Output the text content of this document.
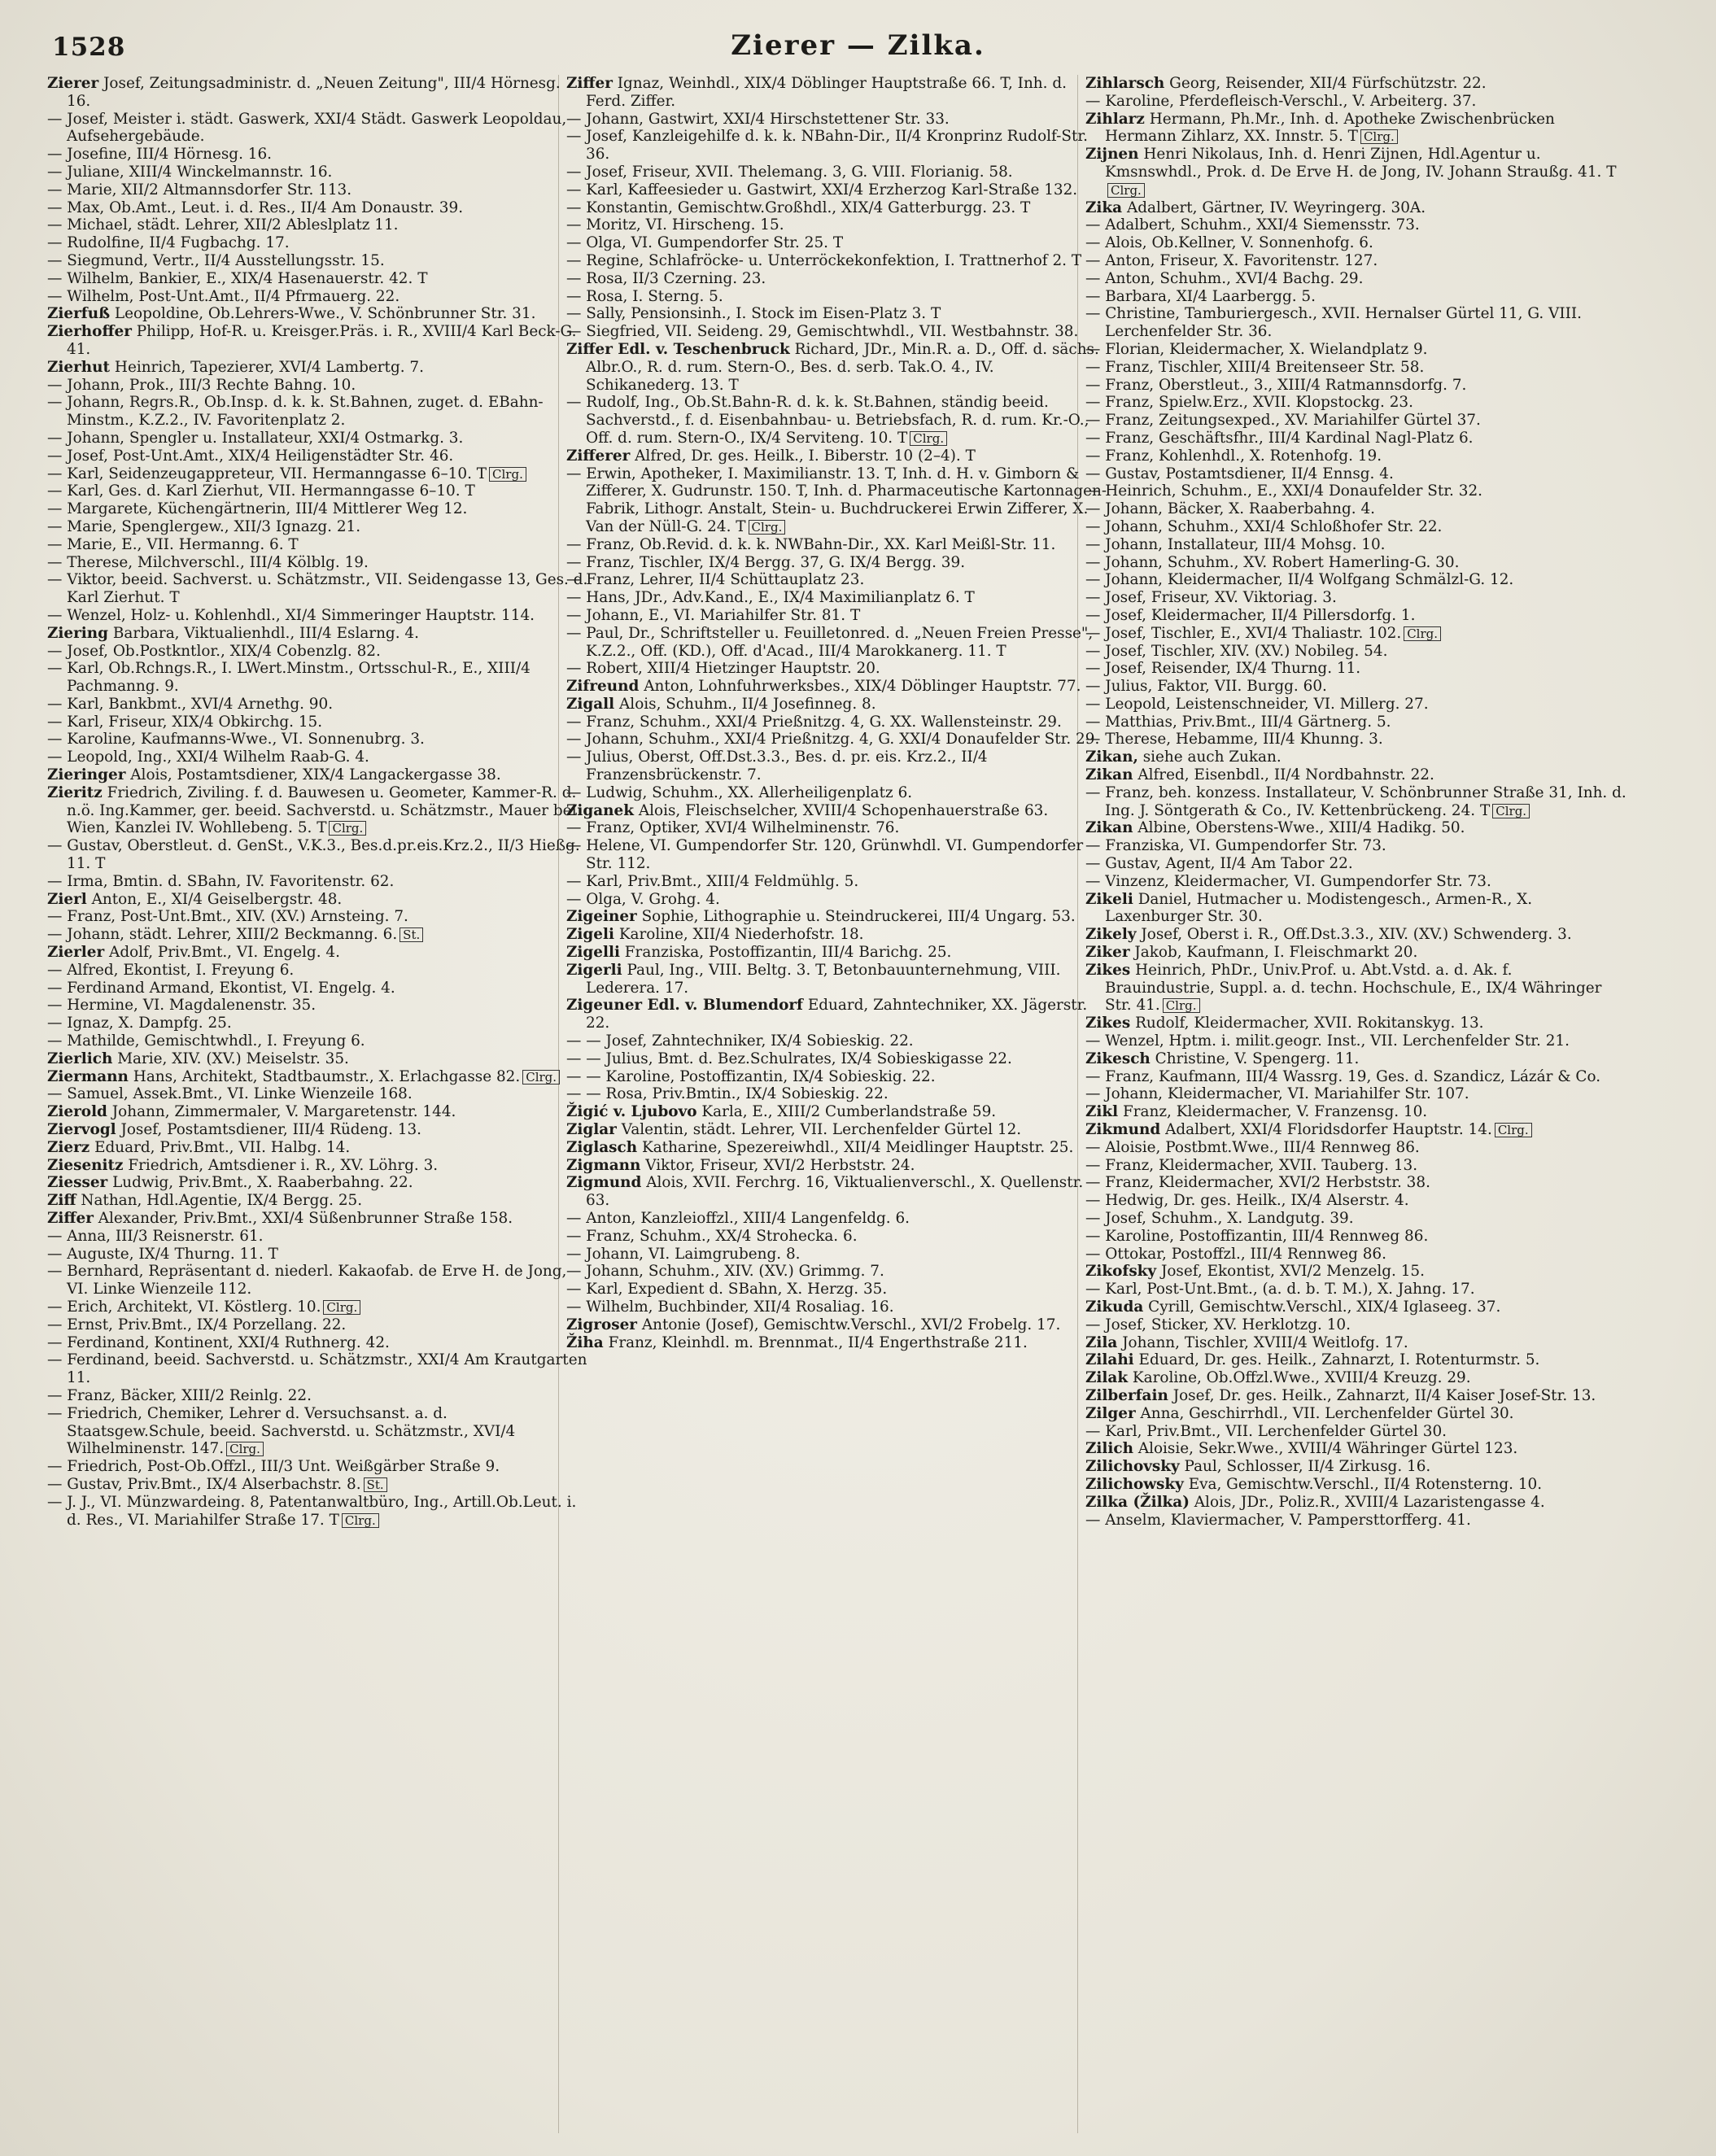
1528	Zierer — Zilka.
Zierer Josef, Zeitungsadministr. d. „Neuen Zeitung", III/4 Hörnesg. 16.
— Josef, Meister i. städt. Gaswerk, XXI/4 Städt. Gaswerk Leopoldau, Aufsehergebäude.
— Josefine, III/4 Hörnesg. 16.
— Juliane, XIII/4 Winckelmannstr. 16.
— Marie, XII/2 Altmannsdorfer Str. 113.
— Max, Ob.Amt., Leut. i. d. Res., II/4 Am Donaustr. 39.
— Michael, städt. Lehrer, XII/2 Ableslplatz 11.
— Rudolfine, II/4 Fugbachg. 17.
— Siegmund, Vertr., II/4 Ausstellungsstr. 15.
— Wilhelm, Bankier, E., XIX/4 Hasenauerstr. 42. T
— Wilhelm, Post-Unt.Amt., II/4 Pfrmauerg. 22.
Zierfuß Leopoldine, Ob.Lehrers-Wwe., V. Schönbrunner Str. 31.
Zierhoffer Philipp, Hof-R. u. Kreisger.Präs. i. R., XVIII/4 Karl Beck-G. 41.
Zierhut Heinrich, Tapezierer, XVI/4 Lambertg. 7.
— Johann, Prok., III/3 Rechte Bahng. 10.
— Johann, Regrs.R., Ob.Insp. d. k. k. St.Bahnen, zuget. d. EBahn-Minstm., K.Z.2., IV. Favoritenplatz 2.
— Johann, Spengler u. Installateur, XXI/4 Ostmarkg. 3.
— Josef, Post-Unt.Amt., XIX/4 Heiligenstädter Str. 46.
— Karl, Seidenzeugappreteur, VII. Hermanngasse 6–10. T Clrg.
— Karl, Ges. d. Karl Zierhut, VII. Hermanngasse 6–10. T
— Margarete, Küchengärtnerin, III/4 Mittlerer Weg 12.
— Marie, Spenglergew., XII/3 Ignazg. 21.
— Marie, E., VII. Hermanng. 6. T
— Therese, Milchverschl., III/4 Kölblg. 19.
— Viktor, beeid. Sachverst. u. Schätzmstr., VII. Seidengasse 13, Ges. d. Karl Zierhut. T
— Wenzel, Holz- u. Kohlenhdl., XI/4 Simmeringer Hauptstr. 114.
Ziering Barbara, Viktualienhdl., III/4 Eslarng. 4.
— Josef, Ob.Postkntlor., XIX/4 Cobenzlg. 82.
— Karl, Ob.Rchngs.R., I. LWert.Minstm., Ortsschul-R., E., XIII/4 Pachmanng. 9.
— Karl, Bankbmt., XVI/4 Arnethg. 90.
— Karl, Friseur, XIX/4 Obkirchg. 15.
— Karoline, Kaufmanns-Wwe., VI. Sonnenubrg. 3.
— Leopold, Ing., XXI/4 Wilhelm Raab-G. 4.
Zieringer Alois, Postamtsdiener, XIX/4 Langackergasse 38.
Zieritz Friedrich, Ziviling. f. d. Bauwesen u. Geometer, Kammer-R. d. n.ö. Ing.Kammer, ger. beeid. Sachverstd. u. Schätzmstr., Mauer bei Wien, Kanzlei IV. Wohllebeng. 5. T Clrg.
— Gustav, Oberstleut. d. GenSt., V.K.3., Bes.d.pr.eis.Krz.2., II/3 Hießg. 11. T
— Irma, Bmtin. d. SBahn, IV. Favoritenstr. 62.
Zierl Anton, E., XI/4 Geiselbergstr. 48.
— Franz, Post-Unt.Bmt., XIV. (XV.) Arnsteing. 7.
— Johann, städt. Lehrer, XIII/2 Beckmanng. 6. St.
Zierler Adolf, Priv.Bmt., VI. Engelg. 4.
— Alfred, Ekontist, I. Freyung 6.
— Ferdinand Armand, Ekontist, VI. Engelg. 4.
— Hermine, VI. Magdalenenstr. 35.
— Ignaz, X. Dampfg. 25.
— Mathilde, Gemischtwhdl., I. Freyung 6.
Zierlich Marie, XIV. (XV.) Meiselstr. 35.
Ziermann Hans, Architekt, Stadtbaumstr., X. Erlachgasse 82. Clrg.
— Samuel, Assek.Bmt., VI. Linke Wienzeile 168.
Zierold Johann, Zimmermaler, V. Margaretenstr. 144.
Ziervogl Josef, Postamtsdiener, III/4 Rüdeng. 13.
Zierz Eduard, Priv.Bmt., VII. Halbg. 14.
Ziesenitz Friedrich, Amtsdiener i. R., XV. Löhrg. 3.
Ziesser Ludwig, Priv.Bmt., X. Raaberbahng. 22.
Ziff Nathan, Hdl.Agentie, IX/4 Bergg. 25.
Ziffer Alexander, Priv.Bmt., XXI/4 Süßenbrunner Straße 158.
— Anna, III/3 Reisnerstr. 61.
— Auguste, IX/4 Thurng. 11. T
— Bernhard, Repräsentant d. niederl. Kakaofab. de Erve H. de Jong, VI. Linke Wienzeile 112.
— Erich, Architekt, VI. Köstlerg. 10. Clrg.
— Ernst, Priv.Bmt., IX/4 Porzellang. 22.
— Ferdinand, Kontinent, XXI/4 Ruthnerg. 42.
— Ferdinand, beeid. Sachverstd. u. Schätzmstr., XXI/4 Am Krautgarten 11.
— Franz, Bäcker, XIII/2 Reinlg. 22.
— Friedrich, Chemiker, Lehrer d. Versuchsanst. a. d. Staatsgew.Schule, beeid. Sachverstd. u. Schätzmstr., XVI/4 Wilhelminenstr. 147. Clrg.
— Friedrich, Post-Ob.Offzl., III/3 Unt. Weißgärber Straße 9.
— Gustav, Priv.Bmt., IX/4 Alserbachstr. 8. St.
— J. J., VI. Münzwardeing. 8, Patentanwaltbüro, Ing., Artill.Ob.Leut. i. d. Res., VI. Mariahilfer Straße 17. T Clrg.
Ziffer Ignaz, Weinhdl., XIX/4 Döblinger Hauptstraße 66. T, Inh. d. Ferd. Ziffer.
— Johann, Gastwirt, XXI/4 Hirschstettener Str. 33.
— Josef, Kanzleigehilfe d. k. k. NBahn-Dir., II/4 Kronprinz Rudolf-Str. 36.
— Josef, Friseur, XVII. Thelemang. 3, G. VIII. Florianig. 58.
— Karl, Kaffeesieder u. Gastwirt, XXI/4 Erzherzog Karl-Straße 132.
— Konstantin, Gemischtw.Großhdl., XIX/4 Gatterburgg. 23. T
— Moritz, VI. Hirscheng. 15.
— Olga, VI. Gumpendorfer Str. 25. T
— Regine, Schlafröcke- u. Unterröckekonfektion, I. Trattnerhof 2. T
— Rosa, II/3 Czerning. 23.
— Rosa, I. Sterng. 5.
— Sally, Pensionsinh., I. Stock im Eisen-Platz 3. T
— Siegfried, VII. Seideng. 29, Gemischtwhdl., VII. Westbahnstr. 38.
Ziffer Edl. v. Teschenbruck Richard, JDr., Min.R. a. D., Off. d. sächs. Albr.O., R. d. rum. Stern-O., Bes. d. serb. Tak.O. 4., IV. Schikanederg. 13. T
— Rudolf, Ing., Ob.St.Bahn-R. d. k. k. St.Bahnen, ständig beeid. Sachverstd., f. d. Eisenbahnbau- u. Betriebsfach, R. d. rum. Kr.-O., Off. d. rum. Stern-O., IX/4 Serviteng. 10. T Clrg.
Zifferer Alfred, Dr. ges. Heilk., I. Biberstr. 10 (2–4). T
— Erwin, Apotheker, I. Maximilianstr. 13. T, Inh. d. H. v. Gimborn & Zifferer, X. Gudrunstr. 150. T, Inh. d. Pharmaceutische Kartonnagen-Fabrik, Lithogr. Anstalt, Stein- u. Buchdruckerei Erwin Zifferer, X. Van der Nüll-G. 24. T Clrg.
— Franz, Ob.Revid. d. k. k. NWBahn-Dir., XX. Karl Meißl-Str. 11.
— Franz, Tischler, IX/4 Bergg. 37, G. IX/4 Bergg. 39.
— Franz, Lehrer, II/4 Schüttauplatz 23.
— Hans, JDr., Adv.Kand., E., IX/4 Maximilianplatz 6. T
— Johann, E., VI. Mariahilfer Str. 81. T
— Paul, Dr., Schriftsteller u. Feuilletonred. d. „Neuen Freien Presse", K.Z.2., Off. (KD.), Off. d'Acad., III/4 Marokkanerg. 11. T
— Robert, XIII/4 Hietzinger Hauptstr. 20.
Zifreund Anton, Lohnfuhrwerksbes., XIX/4 Döblinger Hauptstr. 77.
Zigall Alois, Schuhm., II/4 Josefinneg. 8.
— Franz, Schuhm., XXI/4 Prießnitzg. 4, G. XX. Wallensteinstr. 29.
— Johann, Schuhm., XXI/4 Prießnitzg. 4, G. XXI/4 Donaufelder Str. 29.
— Julius, Oberst, Off.Dst.3.3., Bes. d. pr. eis. Krz.2., II/4 Franzensbrückenstr. 7.
— Ludwig, Schuhm., XX. Allerheiligenplatz 6.
Ziganek Alois, Fleischselcher, XVIII/4 Schopenhauerstraße 63.
— Franz, Optiker, XVI/4 Wilhelminenstr. 76.
— Helene, VI. Gumpendorfer Str. 120, Grünwhdl. VI. Gumpendorfer Str. 112.
— Karl, Priv.Bmt., XIII/4 Feldmühlg. 5.
— Olga, V. Grohg. 4.
Zigeiner Sophie, Lithographie u. Steindruckerei, III/4 Ungarg. 53.
Zigeli Karoline, XII/4 Niederhofstr. 18.
Zigelli Franziska, Postoffizantin, III/4 Barichg. 25.
Zigerli Paul, Ing., VIII. Beltg. 3. T, Betonbauunternehmung, VIII. Lederera. 17.
Zigeuner Edl. v. Blumendorf Eduard, Zahntechniker, XX. Jägerstr. 22.
— — Josef, Zahntechniker, IX/4 Sobieskig. 22.
— — Julius, Bmt. d. Bez.Schulrates, IX/4 Sobieskigasse 22.
— — Karoline, Postoffizantin, IX/4 Sobieskig. 22.
— — Rosa, Priv.Bmtin., IX/4 Sobieskig. 22.
Žigić v. Ljubovo Karla, E., XIII/2 Cumberlandstraße 59.
Ziglar Valentin, städt. Lehrer, VII. Lerchenfelder Gürtel 12.
Ziglasch Katharine, Spezereiwhdl., XII/4 Meidlinger Hauptstr. 25.
Zigmann Viktor, Friseur, XVI/2 Herbststr. 24.
Zigmund Alois, XVII. Ferchrg. 16, Viktualienverschl., X. Quellenstr. 63.
— Anton, Kanzleioffzl., XIII/4 Langenfeldg. 6.
— Franz, Schuhm., XX/4 Strohecka. 6.
— Johann, VI. Laimgrubeng. 8.
— Johann, Schuhm., XIV. (XV.) Grimmg. 7.
— Karl, Expedient d. SBahn, X. Herzg. 35.
— Wilhelm, Buchbinder, XII/4 Rosaliag. 16.
Zigroser Antonie (Josef), Gemischtw.Verschl., XVI/2 Frobelg. 17.
Žiha Franz, Kleinhdl. m. Brennmat., II/4 Engerthstraße 211.
Zihlarsch Georg, Reisender, XII/4 Fürfschützstr. 22.
— Karoline, Pferdefleisch-Verschl., V. Arbeiterg. 37.
Zihlarz Hermann, Ph.Mr., Inh. d. Apotheke Zwischenbrücken Hermann Zihlarz, XX. Innstr. 5. T Clrg.
Zijnen Henri Nikolaus, Inh. d. Henri Zijnen, Hdl.Agentur u. Kmsnswhdl., Prok. d. De Erve H. de Jong, IV. Johann Straußg. 41. TClrg.
Zika Adalbert, Gärtner, IV. Weyringerg. 30A.
— Adalbert, Schuhm., XXI/4 Siemensstr. 73.
— Alois, Ob.Kellner, V. Sonnenhofg. 6.
— Anton, Friseur, X. Favoritenstr. 127.
— Anton, Schuhm., XVI/4 Bachg. 29.
— Barbara, XI/4 Laarbergg. 5.
— Christine, Tamburiergesch., XVII. Hernalser Gürtel 11, G. VIII. Lerchenfelder Str. 36.
— Florian, Kleidermacher, X. Wielandplatz 9.
— Franz, Tischler, XIII/4 Breitenseer Str. 58.
— Franz, Oberstleut., 3., XIII/4 Ratmannsdorfg. 7.
— Franz, Spielw.Erz., XVII. Klopstockg. 23.
— Franz, Zeitungsexped., XV. Mariahilfer Gürtel 37.
— Franz, Geschäftsfhr., III/4 Kardinal Nagl-Platz 6.
— Franz, Kohlenhdl., X. Rotenhofg. 19.
— Gustav, Postamtsdiener, II/4 Ennsg. 4.
— Heinrich, Schuhm., E., XXI/4 Donaufelder Str. 32.
— Johann, Bäcker, X. Raaberbahng. 4.
— Johann, Schuhm., XXI/4 Schloßhofer Str. 22.
— Johann, Installateur, III/4 Mohsg. 10.
— Johann, Schuhm., XV. Robert Hamerling-G. 30.
— Johann, Kleidermacher, II/4 Wolfgang Schmälzl-G. 12.
— Josef, Friseur, XV. Viktoriag. 3.
— Josef, Kleidermacher, II/4 Pillersdorfg. 1.
— Josef, Tischler, E., XVI/4 Thaliastr. 102. Clrg.
— Josef, Tischler, XIV. (XV.) Nobileg. 54.
— Josef, Reisender, IX/4 Thurng. 11.
— Julius, Faktor, VII. Burgg. 60.
— Leopold, Leistenschneider, VI. Millerg. 27.
— Matthias, Priv.Bmt., III/4 Gärtnerg. 5.
— Therese, Hebamme, III/4 Khunng. 3.
Zikan, siehe auch Zukan.
Zikan Alfred, Eisenbdl., II/4 Nordbahnstr. 22.
— Franz, beh. konzess. Installateur, V. Schönbrunner Straße 31, Inh. d. Ing. J. Söntgerath & Co., IV. Kettenbrückeng. 24. T Clrg.
Zikan Albine, Oberstens-Wwe., XIII/4 Hadikg. 50.
— Franziska, VI. Gumpendorfer Str. 73.
— Gustav, Agent, II/4 Am Tabor 22.
— Vinzenz, Kleidermacher, VI. Gumpendorfer Str. 73.
Zikeli Daniel, Hutmacher u. Modistengesch., Armen-R., X. Laxenburger Str. 30.
Zikely Josef, Oberst i. R., Off.Dst.3.3., XIV. (XV.) Schwenderg. 3.
Ziker Jakob, Kaufmann, I. Fleischmarkt 20.
Zikes Heinrich, PhDr., Univ.Prof. u. Abt.Vstd. a. d. Ak. f. Brauindustrie, Suppl. a. d. techn. Hochschule, E., IX/4 Währinger Str. 41. Clrg.
Zikes Rudolf, Kleidermacher, XVII. Rokitanskyg. 13.
— Wenzel, Hptm. i. milit.geogr. Inst., VII. Lerchenfelder Str. 21.
Zikesch Christine, V. Spengerg. 11.
— Franz, Kaufmann, III/4 Wassrg. 19, Ges. d. Szandicz, Lázár & Co.
— Johann, Kleidermacher, VI. Mariahilfer Str. 107.
Zikl Franz, Kleidermacher, V. Franzensg. 10.
Zikmund Adalbert, XXI/4 Floridsdorfer Hauptstr. 14. Clrg.
— Aloisie, Postbmt.Wwe., III/4 Rennweg 86.
— Franz, Kleidermacher, XVII. Tauberg. 13.
— Franz, Kleidermacher, XVI/2 Herbststr. 38.
— Hedwig, Dr. ges. Heilk., IX/4 Alserstr. 4.
— Josef, Schuhm., X. Landgutg. 39.
— Karoline, Postoffizantin, III/4 Rennweg 86.
— Ottokar, Postoffzl., III/4 Rennweg 86.
Zikofsky Josef, Ekontist, XVI/2 Menzelg. 15.
— Karl, Post-Unt.Bmt., (a. d. b. T. M.), X. Jahng. 17.
Zikuda Cyrill, Gemischtw.Verschl., XIX/4 Iglaseeg. 37.
— Josef, Sticker, XV. Herklotzg. 10.
Zila Johann, Tischler, XVIII/4 Weitlofg. 17.
Zilahi Eduard, Dr. ges. Heilk., Zahnarzt, I. Rotenturmstr. 5.
Zilak Karoline, Ob.Offzl.Wwe., XVIII/4 Kreuzg. 29.
Zilberfain Josef, Dr. ges. Heilk., Zahnarzt, II/4 Kaiser Josef-Str. 13.
Zilger Anna, Geschirrhdl., VII. Lerchenfelder Gürtel 30.
— Karl, Priv.Bmt., VII. Lerchenfelder Gürtel 30.
Zilich Aloisie, Sekr.Wwe., XVIII/4 Währinger Gürtel 123.
Zilichovsky Paul, Schlosser, II/4 Zirkusg. 16.
Zilichowsky Eva, Gemischtw.Verschl., II/4 Rotensterng. 10.
Zilka (Žilka) Alois, JDr., Poliz.R., XVIII/4 Lazaristengasse 4.
— Anselm, Klaviermacher, V. Pampersttorfferg. 41.
